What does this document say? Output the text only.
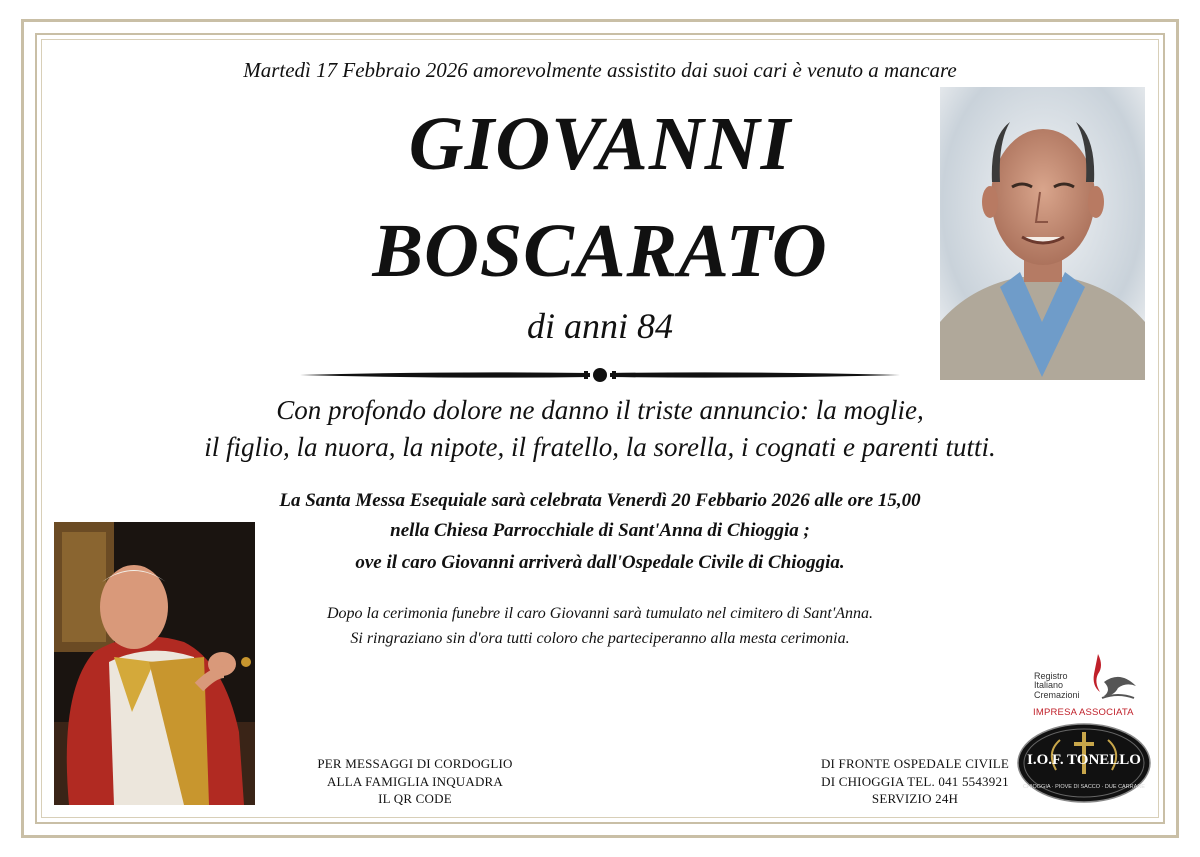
Martedì 17 Febbraio 2026 amorevolmente assistito dai suoi cari è venuto a mancare
GIOVANNI
BOSCARATO
di anni 84
Con profondo dolore ne danno il triste annuncio: la moglie,
il figlio, la nuora, la nipote, il fratello, la sorella, i cognati e parenti tutti.
La Santa Messa Esequiale sarà celebrata Venerdì 20 Febbario 2026 alle ore 15,00
nella Chiesa Parrocchiale di Sant'Anna di Chioggia ;
ove il caro Giovanni arriverà dall'Ospedale Civile di Chioggia.
Dopo la cerimonia funebre il caro Giovanni sarà tumulato nel cimitero di Sant'Anna.
Si ringraziano sin d'ora tutti coloro che parteciperanno alla mesta cerimonia.
PER MESSAGGI DI CORDOGLIO
ALLA FAMIGLIA INQUADRA
IL QR CODE
DI FRONTE OSPEDALE CIVILE
DI CHIOGGIA TEL. 041 5543921
SERVIZIO 24H
Registro
Italiano
Cremazioni
IMPRESA ASSOCIATA
I.O.F. TONELLO
CHIOGGIA · PIOVE DI SACCO · DUE CARRARE
